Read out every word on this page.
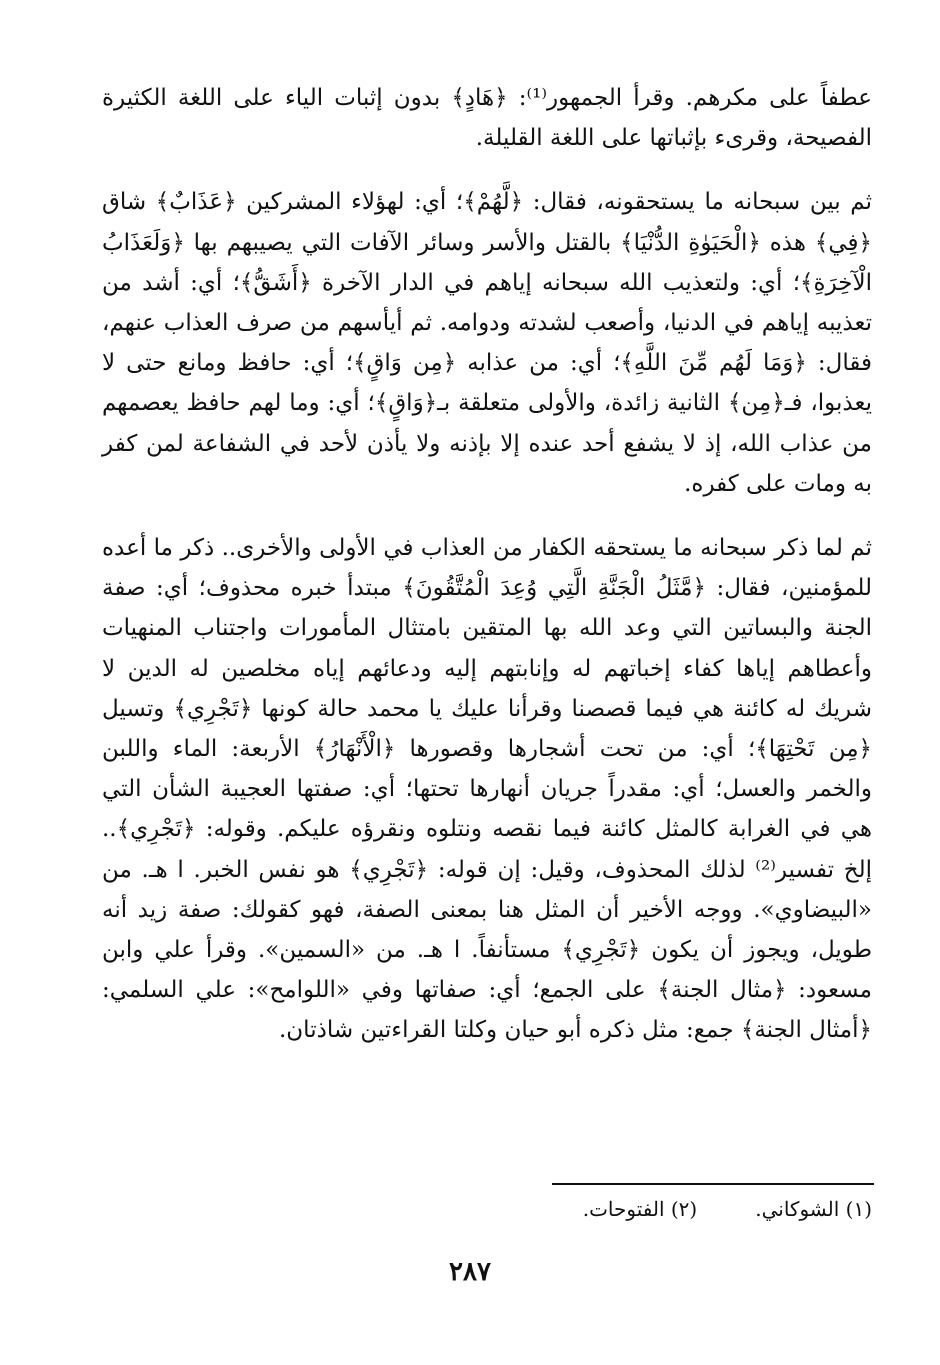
عطفاً على مكرهم. وقرأ الجمهور⁽¹⁾: ﴿هَادٍ﴾ بدون إثبات الياء على اللغة الكثيرة الفصيحة، وقرىء بإثباتها على اللغة القليلة.

ثم بين سبحانه ما يستحقونه، فقال: ﴿لَّهُمْ﴾؛ أي: لهؤلاء المشركين ﴿عَذَابٌ﴾ شاق ﴿فِي﴾ هذه ﴿الْحَيَوٰةِ الدُّنْيَا﴾ بالقتل والأسر وسائر الآفات التي يصيبهم بها ﴿وَلَعَذَابُ الْآخِرَةِ﴾؛ أي: ولتعذيب الله سبحانه إياهم في الدار الآخرة ﴿أَشَقُّ﴾؛ أي: أشد من تعذيبه إياهم في الدنيا، وأصعب لشدته ودوامه. ثم أيأسهم من صرف العذاب عنهم، فقال: ﴿وَمَا لَهُم مِّنَ اللَّهِ﴾؛ أي: من عذابه ﴿مِن وَاقٍ﴾؛ أي: حافظ ومانع حتى لا يعذبوا، فـ﴿مِن﴾ الثانية زائدة، والأولى متعلقة بـ﴿وَاقٍ﴾؛ أي: وما لهم حافظ يعصمهم من عذاب الله، إذ لا يشفع أحد عنده إلا بإذنه ولا يأذن لأحد في الشفاعة لمن كفر به ومات على كفره.

ثم لما ذكر سبحانه ما يستحقه الكفار من العذاب في الأولى والأخرى.. ذكر ما أعده للمؤمنين، فقال: ﴿مَّثَلُ الْجَنَّةِ الَّتِي وُعِدَ الْمُتَّقُونَ﴾ مبتدأ خبره محذوف؛ أي: صفة الجنة والبساتين التي وعد الله بها المتقين بامتثال المأمورات واجتناب المنهيات وأعطاهم إياها كفاء إخباتهم له وإنابتهم إليه ودعائهم إياه مخلصين له الدين لا شريك له كائنة هي فيما قصصنا وقرأنا عليك يا محمد حالة كونها ﴿تَجْرِي﴾ وتسيل ﴿مِن تَحْتِهَا﴾؛ أي: من تحت أشجارها وقصورها ﴿الْأَنْهَارُ﴾ الأربعة: الماء واللبن والخمر والعسل؛ أي: مقدراً جريان أنهارها تحتها؛ أي: صفتها العجيبة الشأن التي هي في الغرابة كالمثل كائنة فيما نقصه ونتلوه ونقرؤه عليكم. وقوله: ﴿تَجْرِي﴾.. إلخ تفسير⁽²⁾ لذلك المحذوف، وقيل: إن قوله: ﴿تَجْرِي﴾ هو نفس الخبر. ا هـ. من «البيضاوي». ووجه الأخير أن المثل هنا بمعنى الصفة، فهو كقولك: صفة زيد أنه طويل، ويجوز أن يكون ﴿تَجْرِي﴾ مستأنفاً. ا هـ. من «السمين». وقرأ علي وابن مسعود: ﴿مثال الجنة﴾ على الجمع؛ أي: صفاتها وفي «اللوامح»: علي السلمي: ﴿أمثال الجنة﴾ جمع: مثل ذكره أبو حيان وكلتا القراءتين شاذتان.

(١) الشوكاني.
(٢) الفتوحات.
٢٨٧
